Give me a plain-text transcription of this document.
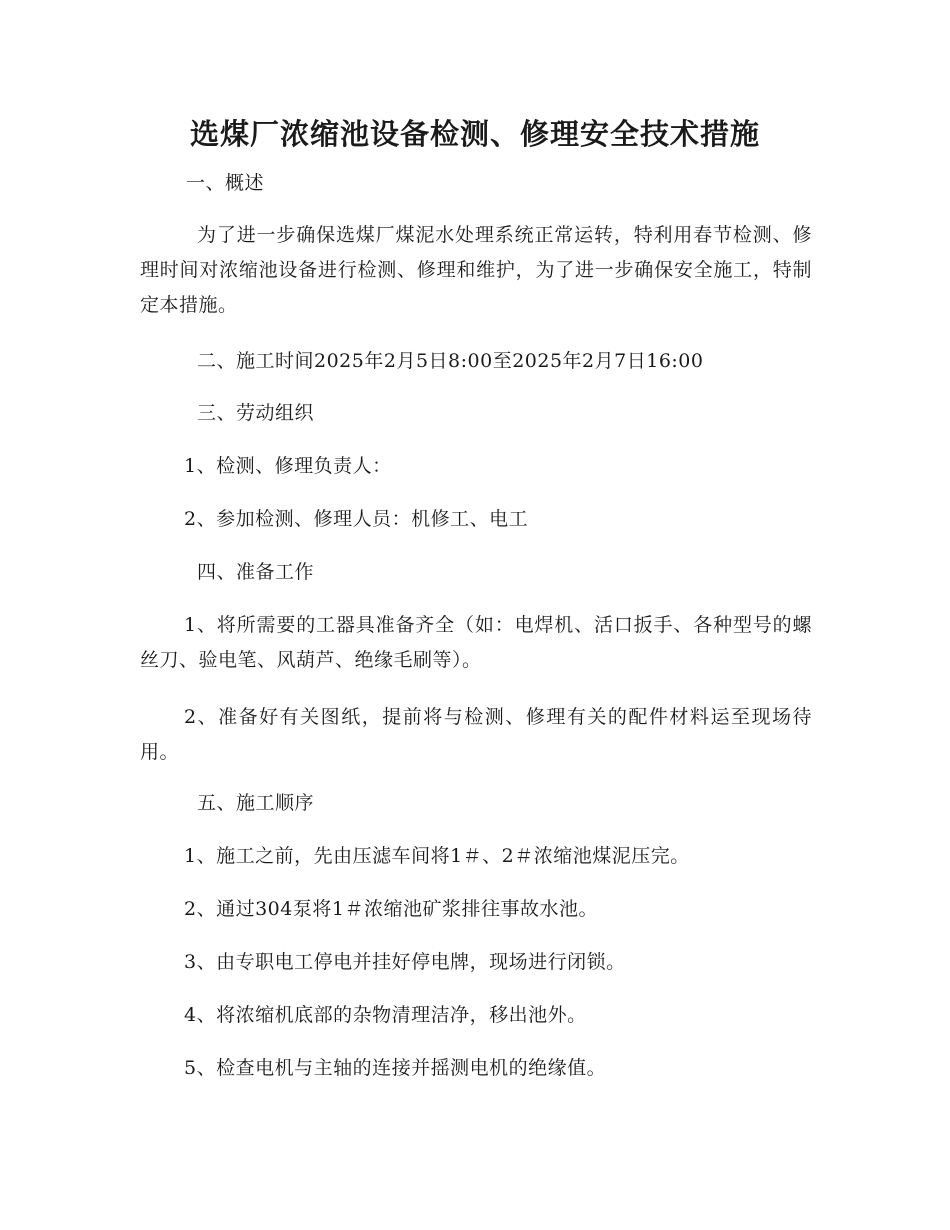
选煤厂浓缩池设备检测、修理安全技术措施

一、概述

为了进一步确保选煤厂煤泥水处理系统正常运转，特利用春节检测、修理时间对浓缩池设备进行检测、修理和维护，为了进一步确保安全施工，特制定本措施。

二、施工时间2025年2月5日8:00至2025年2月7日16:00

三、劳动组织

1、检测、修理负责人：

2、参加检测、修理人员：机修工、电工

四、准备工作

1、将所需要的工器具准备齐全（如：电焊机、活口扳手、各种型号的螺丝刀、验电笔、风葫芦、绝缘毛刷等）。

2、准备好有关图纸，提前将与检测、修理有关的配件材料运至现场待用。

五、施工顺序

1、施工之前，先由压滤车间将1＃、2＃浓缩池煤泥压完。

2、通过304泵将1＃浓缩池矿浆排往事故水池。

3、由专职电工停电并挂好停电牌，现场进行闭锁。

4、将浓缩机底部的杂物清理洁净，移出池外。

5、检查电机与主轴的连接并摇测电机的绝缘值。
